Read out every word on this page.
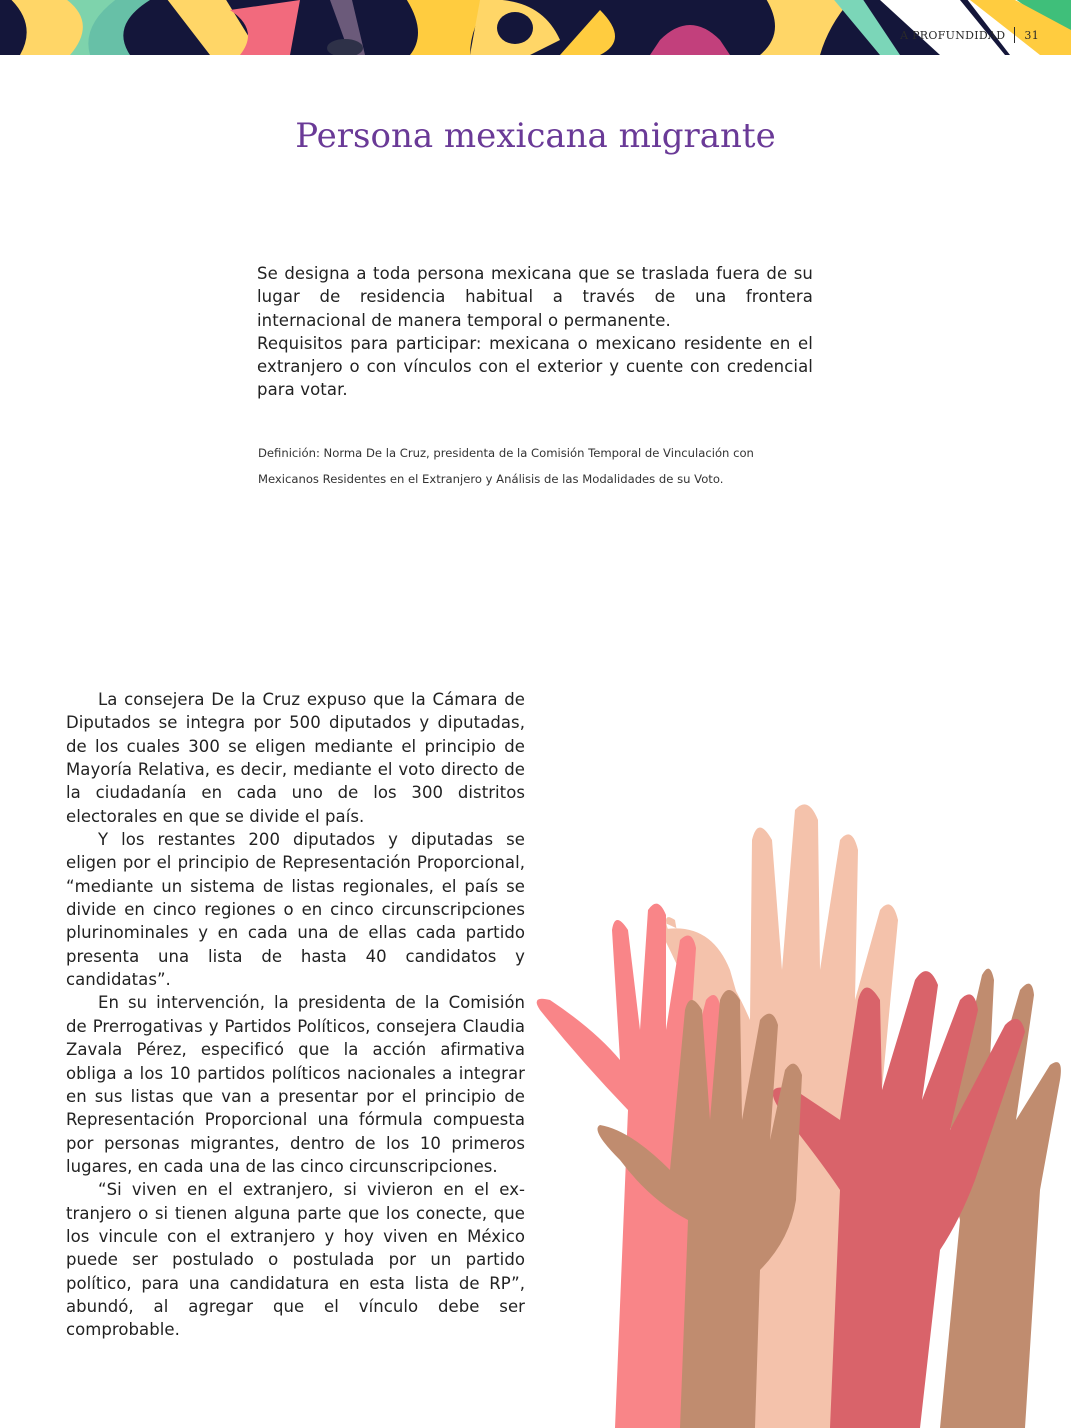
A PROFUNDIDAD 31
Persona mexicana migrante

Se designa a toda persona mexicana que se traslada fuera de su lugar de residencia habitual a través de una frontera internacional de manera temporal o permanente.

Requisitos para participar: mexicana o mexicano residente en el extranjero o con vínculos con el exterior y cuente con credencial para votar.

Definición: Norma De la Cruz, presidenta de la Comisión Temporal de Vinculación con Mexicanos Residentes en el Extranjero y Análisis de las Modalidades de su Voto.

La consejera De la Cruz expuso que la Cámara de Diputados se integra por 500 diputados y diputadas, de los cuales 300 se eligen mediante el principio de Mayoría Relativa, es decir, mediante el voto directo de la ciudadanía en cada uno de los 300 distritos electorales en que se divide el país.

Y los restantes 200 diputados y diputadas se eligen por el principio de Representación Proporcional, “mediante un sistema de listas regionales, el país se divide en cinco regiones o en cinco circunscripciones plurinominales y en cada una de ellas cada partido presenta una lista de hasta 40 candidatos y candidatas”.

En su intervención, la presidenta de la Comisión de Prerrogativas y Partidos Políticos, consejera Claudia Zavala Pérez, especificó que la acción afirmativa obliga a los 10 partidos políticos nacionales a integrar en sus listas que van a presentar por el principio de Representación Proporcional una fórmula compuesta por personas migrantes, dentro de los 10 primeros lugares, en cada una de las cinco circunscripciones.

“Si viven en el extranjero, si vivieron en el extranjero o si tienen alguna parte que los conecte, que los vincule con el extranjero y hoy viven en México puede ser postulado o postulada por un partido político, para una candidatura en esta lista de RP”, abundó, al agregar que el vínculo debe ser comprobable.
